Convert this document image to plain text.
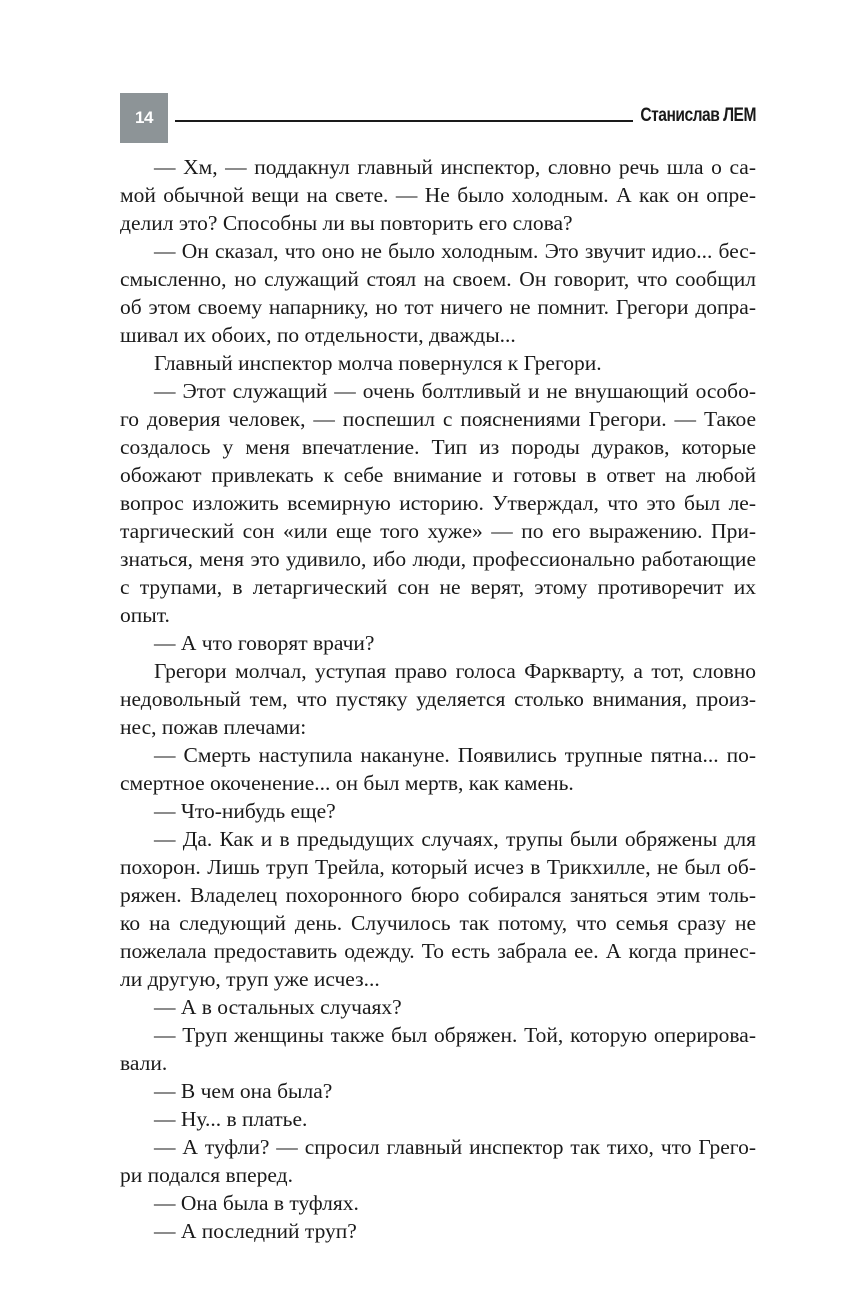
14	Станислав ЛЕМ
— Хм, — поддакнул главный инспектор, словно речь шла о са-
мой обычной вещи на свете. — Не было холодным. А как он опре-
делил это? Способны ли вы повторить его слова?
— Он сказал, что оно не было холодным. Это звучит идио... бес-
смысленно, но служащий стоял на своем. Он говорит, что сообщил
об этом своему напарнику, но тот ничего не помнит. Грегори допра-
шивал их обоих, по отдельности, дважды...
Главный инспектор молча повернулся к Грегори.
— Этот служащий — очень болтливый и не внушающий особо-
го доверия человек, — поспешил с пояснениями Грегори. — Такое
создалось у меня впечатление. Тип из породы дураков, которые
обожают привлекать к себе внимание и готовы в ответ на любой
вопрос изложить всемирную историю. Утверждал, что это был ле-
таргический сон «или еще того хуже» — по его выражению. При-
знаться, меня это удивило, ибо люди, профессионально работающие
с трупами, в летаргический сон не верят, этому противоречит их
опыт.
— А что говорят врачи?
Грегори молчал, уступая право голоса Фаркварту, а тот, словно
недовольный тем, что пустяку уделяется столько внимания, произ-
нес, пожав плечами:
— Смерть наступила накануне. Появились трупные пятна... по-
смертное окоченение... он был мертв, как камень.
— Что-нибудь еще?
— Да. Как и в предыдущих случаях, трупы были обряжены для
похорон. Лишь труп Трейла, который исчез в Трикхилле, не был об-
ряжен. Владелец похоронного бюро собирался заняться этим толь-
ко на следующий день. Случилось так потому, что семья сразу не
пожелала предоставить одежду. То есть забрала ее. А когда принес-
ли другую, труп уже исчез...
— А в остальных случаях?
— Труп женщины также был обряжен. Той, которую оперирова-
вали.
— В чем она была?
— Ну... в платье.
— А туфли? — спросил главный инспектор так тихо, что Грего-
ри подался вперед.
— Она была в туфлях.
— А последний труп?
